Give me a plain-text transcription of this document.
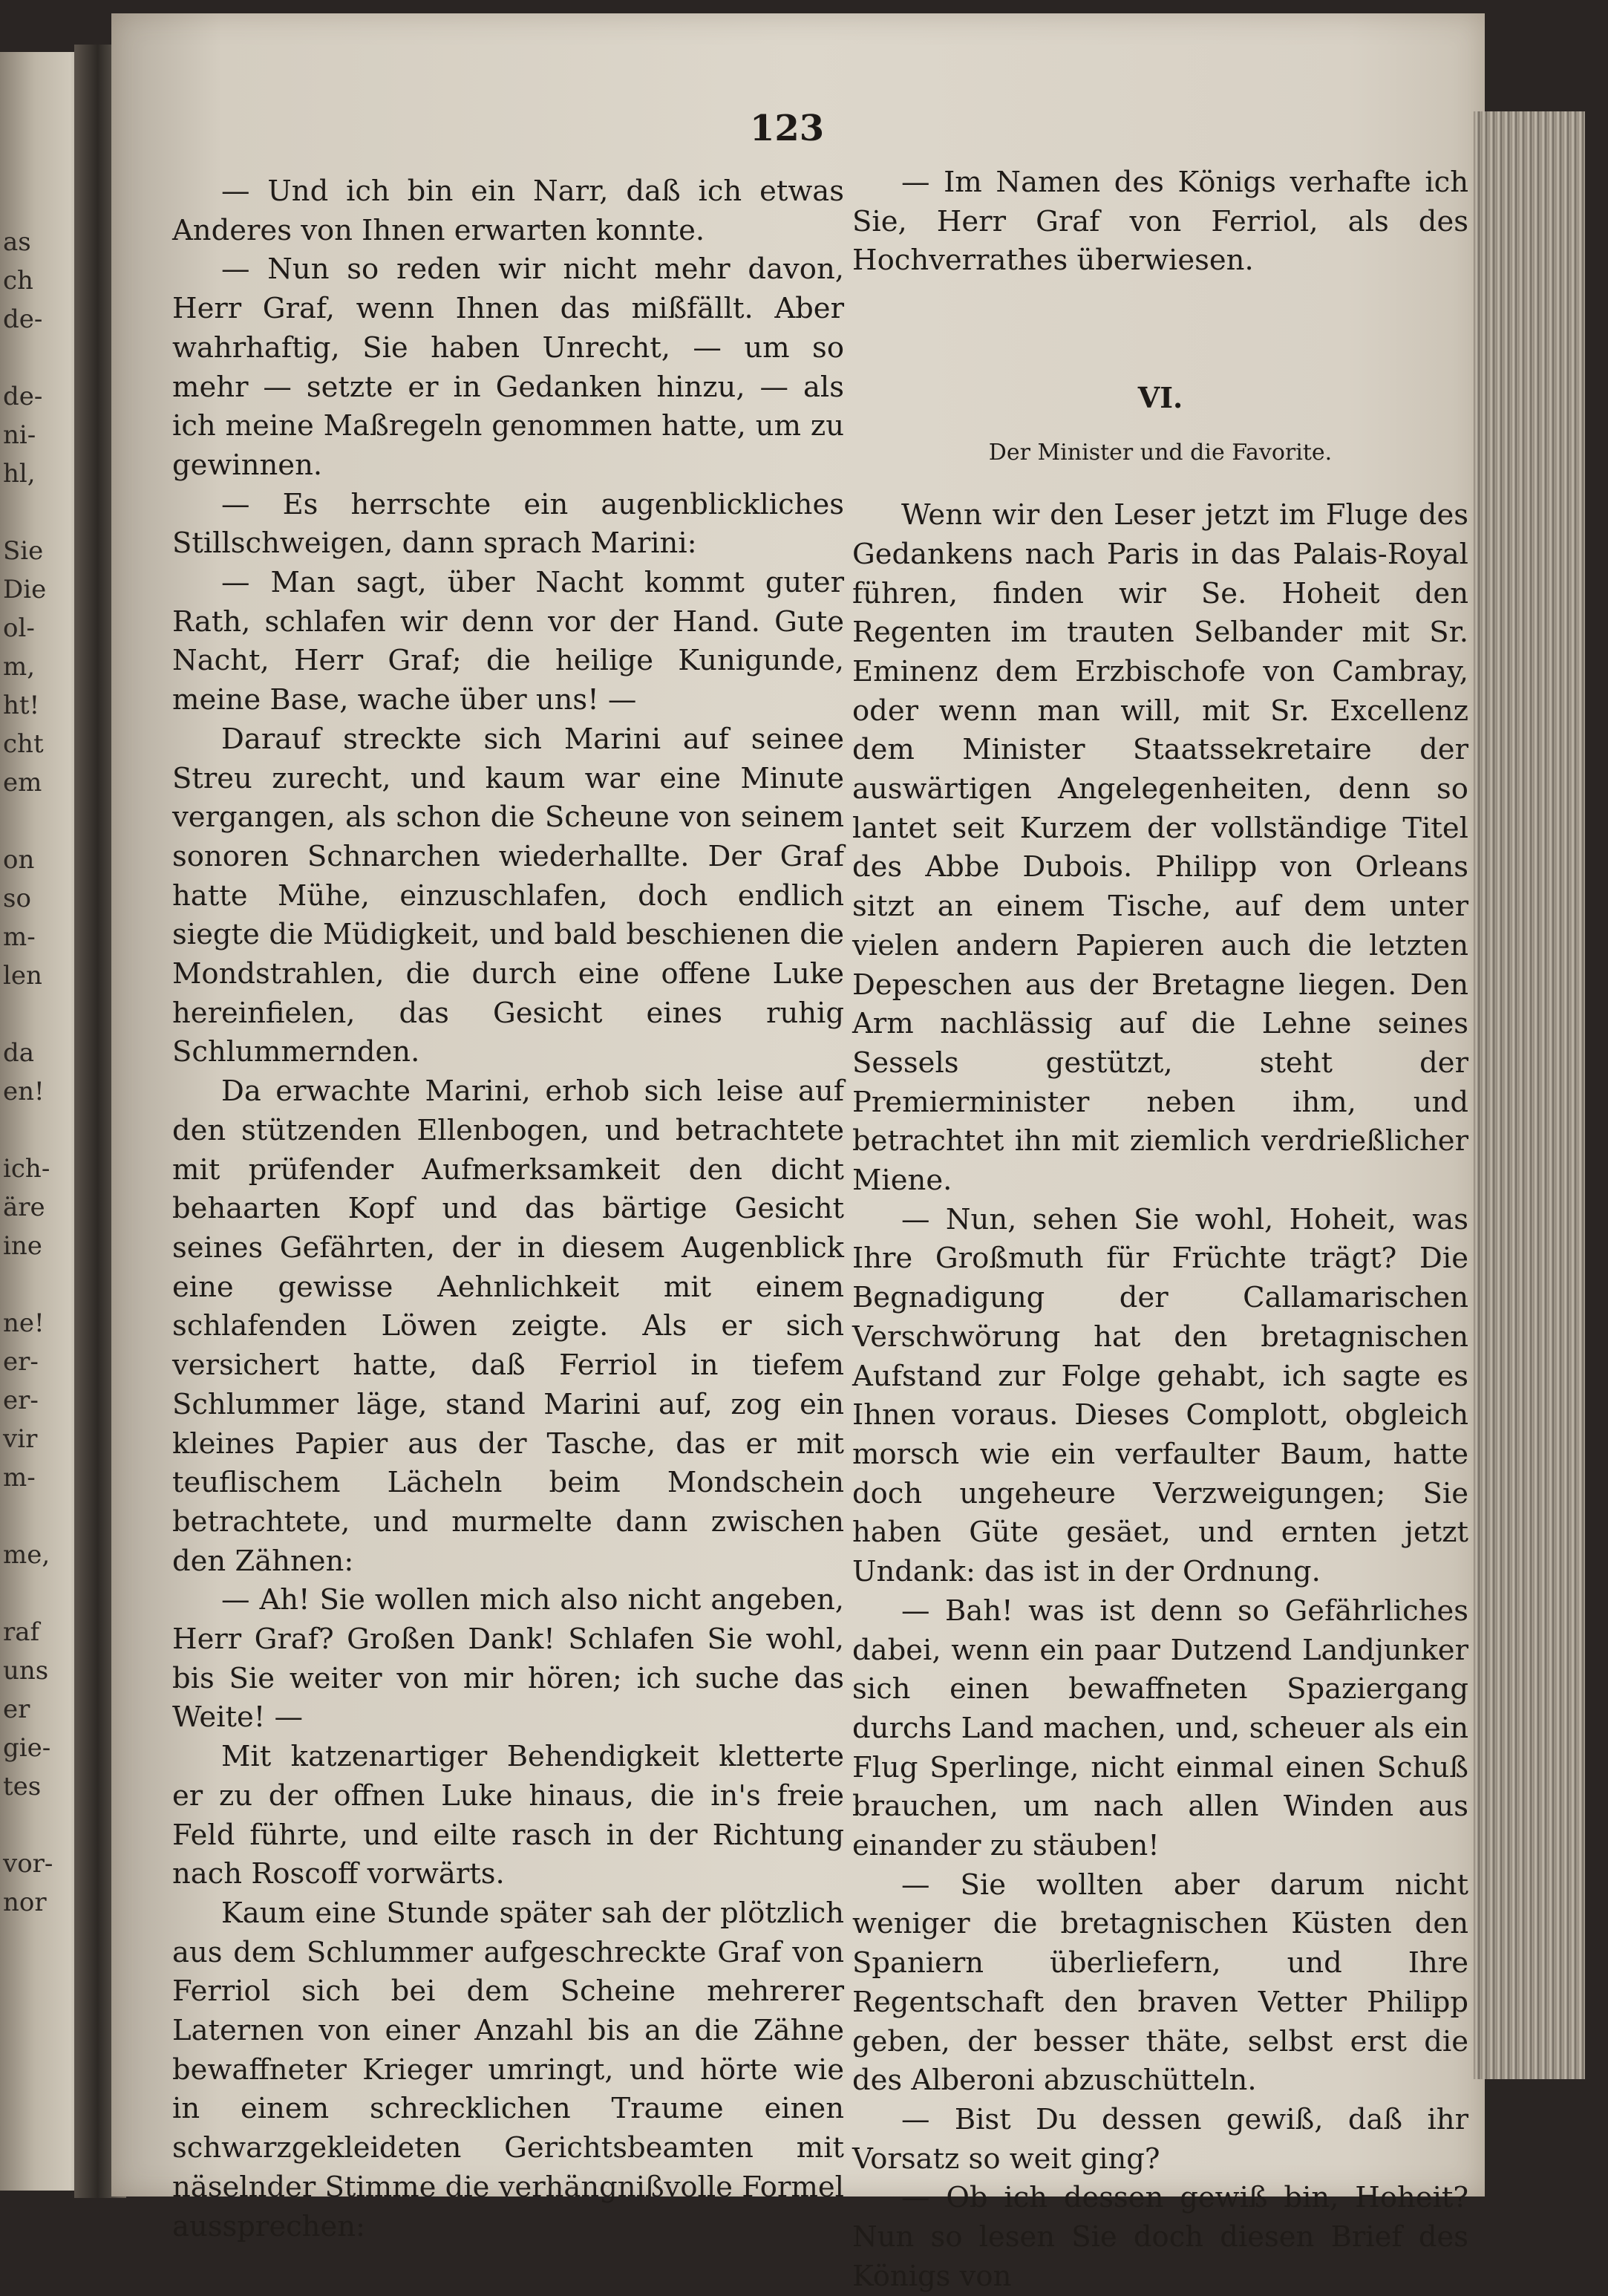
as
ch
de-
de-
ni-
hl,
Sie
Die
ol-
m,
ht!
cht
em
on
so
m-
len
da
en!
ich-
äre
ine
ne!
er-
er-
vir
m-
me,
raf
uns
er
gie-
tes
vor-
nor
123

— Und ich bin ein Narr, daß ich etwas Anderes von Ihnen erwarten konnte.

— Nun so reden wir nicht mehr davon, Herr Graf, wenn Ihnen das mißfällt. Aber wahrhaftig, Sie haben Unrecht, — um so mehr — setzte er in Gedanken hinzu, — als ich meine Maßregeln genommen hatte, um zu gewinnen.

— Es herrschte ein augenblickliches Stillschweigen, dann sprach Marini:

— Man sagt, über Nacht kommt guter Rath, schlafen wir denn vor der Hand. Gute Nacht, Herr Graf; die heilige Kunigunde, meine Base, wache über uns! —

Darauf streckte sich Marini auf seinee Streu zurecht, und kaum war eine Minute vergangen, als schon die Scheune von seinem sonoren Schnarchen wiederhallte. Der Graf hatte Mühe, einzuschlafen, doch endlich siegte die Müdigkeit, und bald beschienen die Mondstrahlen, die durch eine offene Luke hereinfielen, das Gesicht eines ruhig Schlummernden.

Da erwachte Marini, erhob sich leise auf den stützenden Ellenbogen, und betrachtete mit prüfender Aufmerksamkeit den dicht behaarten Kopf und das bärtige Gesicht seines Gefährten, der in diesem Augenblick eine gewisse Aehnlichkeit mit einem schlafenden Löwen zeigte. Als er sich versichert hatte, daß Ferriol in tiefem Schlummer läge, stand Marini auf, zog ein kleines Papier aus der Tasche, das er mit teuflischem Lächeln beim Mondschein betrachtete, und murmelte dann zwischen den Zähnen:

— Ah! Sie wollen mich also nicht angeben, Herr Graf? Großen Dank! Schlafen Sie wohl, bis Sie weiter von mir hören; ich suche das Weite! —

Mit katzenartiger Behendigkeit kletterte er zu der offnen Luke hinaus, die in's freie Feld führte, und eilte rasch in der Richtung nach Roscoff vorwärts.

Kaum eine Stunde später sah der plötzlich aus dem Schlummer aufgeschreckte Graf von Ferriol sich bei dem Scheine mehrerer Laternen von einer Anzahl bis an die Zähne bewaffneter Krieger umringt, und hörte wie in einem schrecklichen Traume einen schwarzgekleideten Gerichtsbeamten mit näselnder Stimme die verhängnißvolle Formel aussprechen:

— Im Namen des Königs verhafte ich Sie, Herr Graf von Ferriol, als des Hochverrathes überwiesen.

VI.
Der Minister und die Favorite.

Wenn wir den Leser jetzt im Fluge des Gedankens nach Paris in das Palais-Royal führen, finden wir Se. Hoheit den Regenten im trauten Selbander mit Sr. Eminenz dem Erzbischofe von Cambray, oder wenn man will, mit Sr. Excellenz dem Minister Staatssekretaire der auswärtigen Angelegenheiten, denn so lantet seit Kurzem der vollständige Titel des Abbe Dubois. Philipp von Orleans sitzt an einem Tische, auf dem unter vielen andern Papieren auch die letzten Depeschen aus der Bretagne liegen. Den Arm nachlässig auf die Lehne seines Sessels gestützt, steht der Premierminister neben ihm, und betrachtet ihn mit ziemlich verdrießlicher Miene.

— Nun, sehen Sie wohl, Hoheit, was Ihre Großmuth für Früchte trägt? Die Begnadigung der Callamarischen Verschwörung hat den bretagnischen Aufstand zur Folge gehabt, ich sagte es Ihnen voraus. Dieses Complott, obgleich morsch wie ein verfaulter Baum, hatte doch ungeheure Verzweigungen; Sie haben Güte gesäet, und ernten jetzt Undank: das ist in der Ordnung.

— Bah! was ist denn so Gefährliches dabei, wenn ein paar Dutzend Landjunker sich einen bewaffneten Spaziergang durchs Land machen, und, scheuer als ein Flug Sperlinge, nicht einmal einen Schuß brauchen, um nach allen Winden aus einander zu stäuben!

— Sie wollten aber darum nicht weniger die bretagnischen Küsten den Spaniern überliefern, und Ihre Regentschaft den braven Vetter Philipp geben, der besser thäte, selbst erst die des Alberoni abzuschütteln.

— Bist Du dessen gewiß, daß ihr Vorsatz so weit ging?

— Ob ich dessen gewiß bin, Hoheit? Nun so lesen Sie doch diesen Brief des Königs von
